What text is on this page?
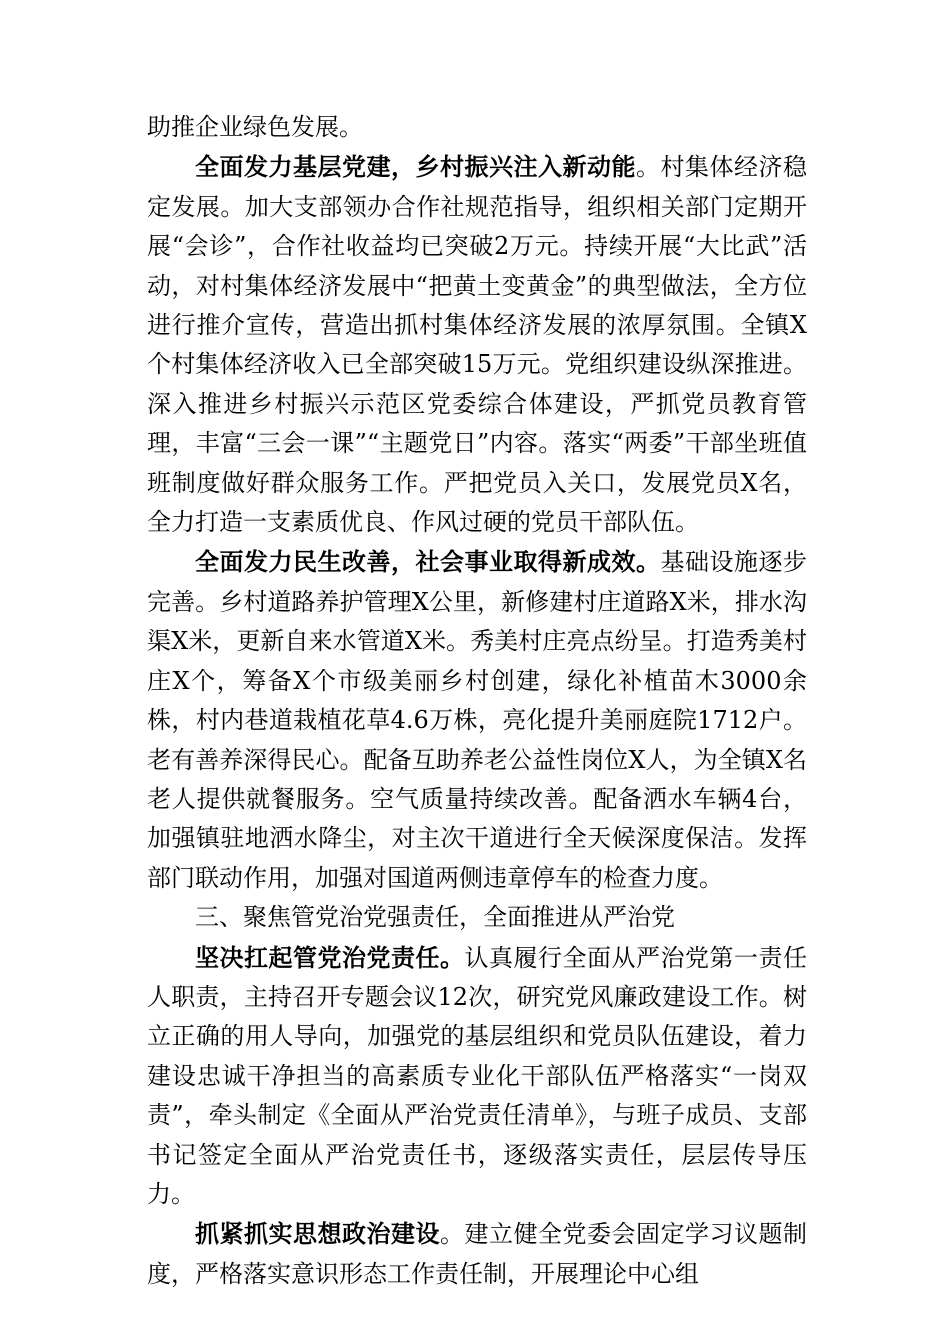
助推企业绿色发展。

全面发力基层党建，乡村振兴注入新动能。村集体经济稳定发展。加大支部领办合作社规范指导，组织相关部门定期开展“会诊”，合作社收益均已突破2万元。持续开展“大比武”活动，对村集体经济发展中“把黄土变黄金”的典型做法，全方位进行推介宣传，营造出抓村集体经济发展的浓厚氛围。全镇X个村集体经济收入已全部突破15万元。党组织建设纵深推进。深入推进乡村振兴示范区党委综合体建设，严抓党员教育管理，丰富“三会一课”“主题党日”内容。落实“两委”干部坐班值班制度做好群众服务工作。严把党员入关口，发展党员X名，全力打造一支素质优良、作风过硬的党员干部队伍。

全面发力民生改善，社会事业取得新成效。基础设施逐步完善。乡村道路养护管理X公里，新修建村庄道路X米，排水沟渠X米，更新自来水管道X米。秀美村庄亮点纷呈。打造秀美村庄X个，筹备X个市级美丽乡村创建，绿化补植苗木3000余株，村内巷道栽植花草4.6万株，亮化提升美丽庭院1712户。老有善养深得民心。配备互助养老公益性岗位X人，为全镇X名老人提供就餐服务。空气质量持续改善。配备洒水车辆4台，加强镇驻地洒水降尘，对主次干道进行全天候深度保洁。发挥部门联动作用，加强对国道两侧违章停车的检查力度。

三、聚焦管党治党强责任，全面推进从严治党

坚决扛起管党治党责任。认真履行全面从严治党第一责任人职责，主持召开专题会议12次，研究党风廉政建设工作。树立正确的用人导向，加强党的基层组织和党员队伍建设，着力建设忠诚干净担当的高素质专业化干部队伍严格落实“一岗双责”，牵头制定《全面从严治党责任清单》，与班子成员、支部书记签定全面从严治党责任书，逐级落实责任，层层传导压力。

抓紧抓实思想政治建设。建立健全党委会固定学习议题制度，严格落实意识形态工作责任制，开展理论中心组
